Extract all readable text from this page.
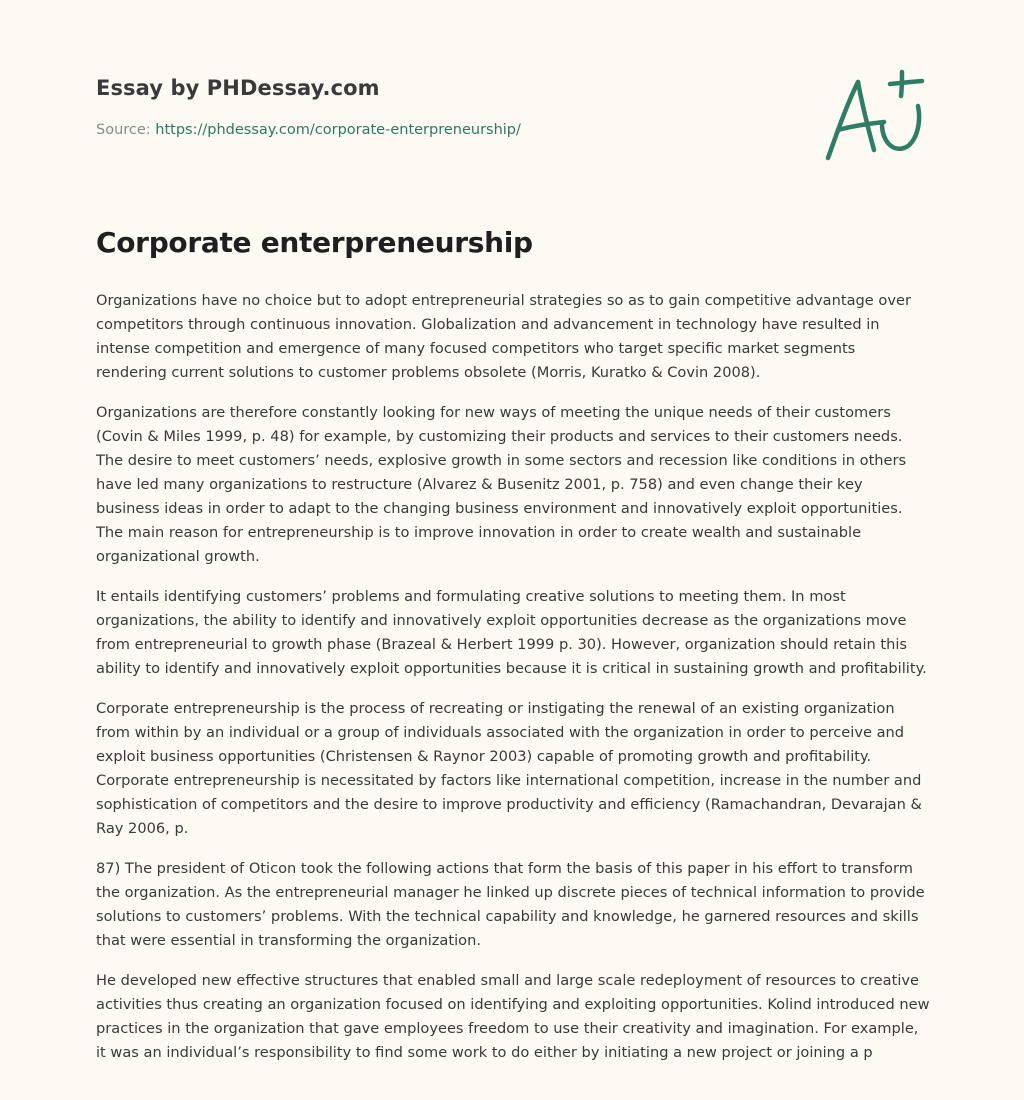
Essay by PHDessay.com
Source: https://phdessay.com/corporate-enterpreneurship/
Corporate enterpreneurship

Organizations have no choice but to adopt entrepreneurial strategies so as to gain competitive advantage over competitors through continuous innovation. Globalization and advancement in technology have resulted in intense competition and emergence of many focused competitors who target specific market segments rendering current solutions to customer problems obsolete (Morris, Kuratko & Covin 2008).

Organizations are therefore constantly looking for new ways of meeting the unique needs of their customers (Covin & Miles 1999, p. 48) for example, by customizing their products and services to their customers needs. The desire to meet customers’ needs, explosive growth in some sectors and recession like conditions in others have led many organizations to restructure (Alvarez & Busenitz 2001, p. 758) and even change their key business ideas in order to adapt to the changing business environment and innovatively exploit opportunities. The main reason for entrepreneurship is to improve innovation in order to create wealth and sustainable organizational growth.

It entails identifying customers’ problems and formulating creative solutions to meeting them. In most organizations, the ability to identify and innovatively exploit opportunities decrease as the organizations move from entrepreneurial to growth phase (Brazeal & Herbert 1999 p. 30). However, organization should retain this ability to identify and innovatively exploit opportunities because it is critical in sustaining growth and profitability.

Corporate entrepreneurship is the process of recreating or instigating the renewal of an existing organization from within by an individual or a group of individuals associated with the organization in order to perceive and exploit business opportunities (Christensen & Raynor 2003) capable of promoting growth and profitability. Corporate entrepreneurship is necessitated by factors like international competition, increase in the number and sophistication of competitors and the desire to improve productivity and efficiency (Ramachandran, Devarajan & Ray 2006, p.

87) The president of Oticon took the following actions that form the basis of this paper in his effort to transform the organization. As the entrepreneurial manager he linked up discrete pieces of technical information to provide solutions to customers’ problems. With the technical capability and knowledge, he garnered resources and skills that were essential in transforming the organization.

He developed new effective structures that enabled small and large scale redeployment of resources to creative activities thus creating an organization focused on identifying and exploiting opportunities. Kolind introduced new practices in the organization that gave employees freedom to use their creativity and imagination. For example, it was an individual’s responsibility to find some work to do either by initiating a new project or joining a p
